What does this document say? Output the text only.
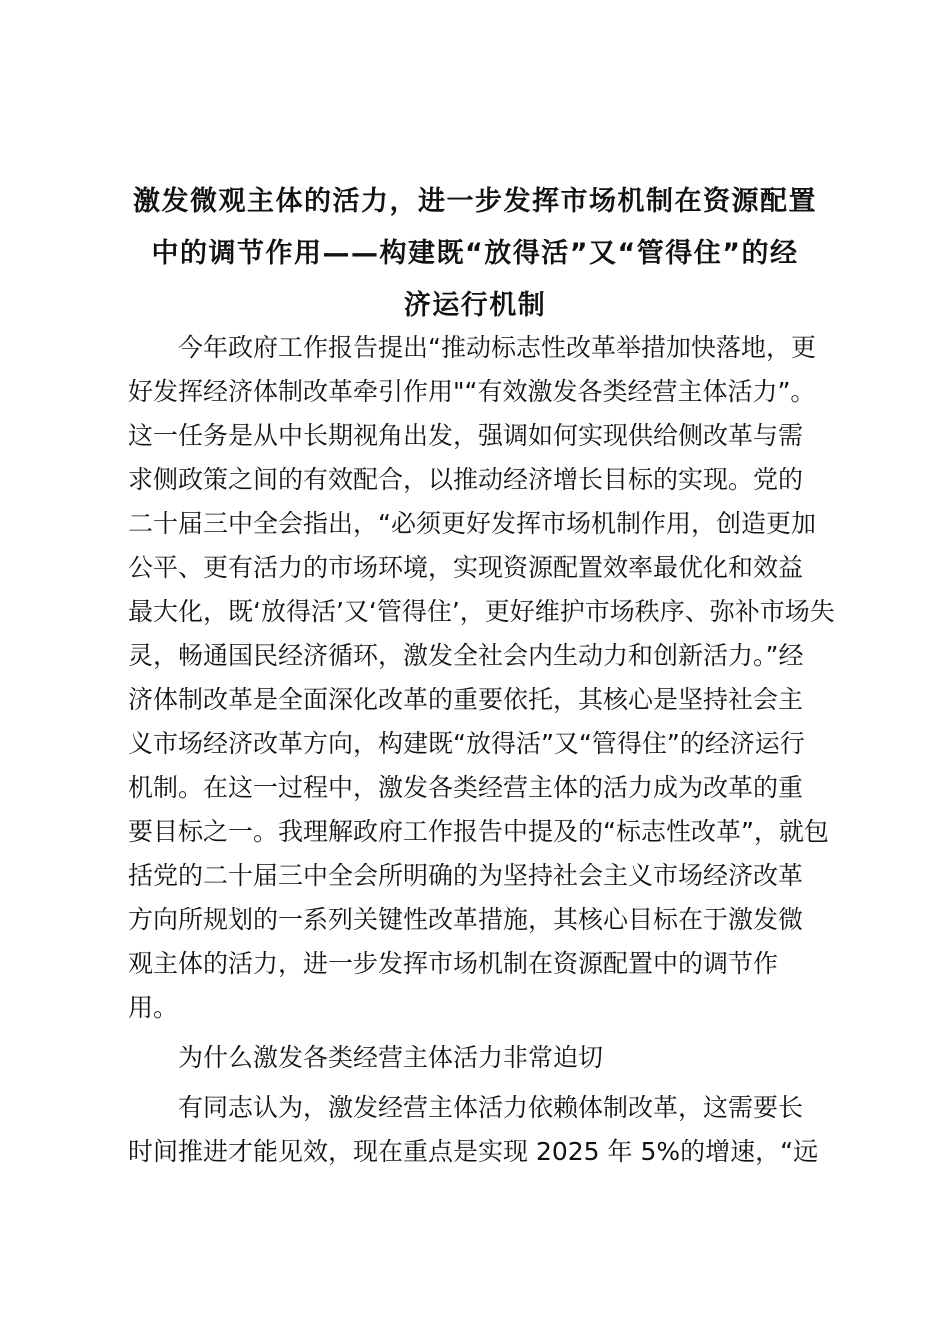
激发微观主体的活力，进一步发挥市场机制在资源配置
中的调节作用——构建既“放得活”又“管得住”的经
济运行机制

今年政府工作报告提出“推动标志性改革举措加快落地，更
好发挥经济体制改革牵引作用"“有效激发各类经营主体活力”。
这一任务是从中长期视角出发，强调如何实现供给侧改革与需
求侧政策之间的有效配合，以推动经济增长目标的实现。党的
二十届三中全会指出，“必须更好发挥市场机制作用，创造更加
公平、更有活力的市场环境，实现资源配置效率最优化和效益
最大化，既‘放得活’又‘管得住’，更好维护市场秩序、弥补市场失
灵，畅通国民经济循环，激发全社会内生动力和创新活力。”经
济体制改革是全面深化改革的重要依托，其核心是坚持社会主
义市场经济改革方向，构建既“放得活”又“管得住”的经济运行
机制。在这一过程中，激发各类经营主体的活力成为改革的重
要目标之一。我理解政府工作报告中提及的“标志性改革”，就包
括党的二十届三中全会所明确的为坚持社会主义市场经济改革
方向所规划的一系列关键性改革措施，其核心目标在于激发微
观主体的活力，进一步发挥市场机制在资源配置中的调节作
用。

为什么激发各类经营主体活力非常迫切

有同志认为，激发经营主体活力依赖体制改革，这需要长
时间推进才能见效，现在重点是实现 2025 年 5%的增速，“远
